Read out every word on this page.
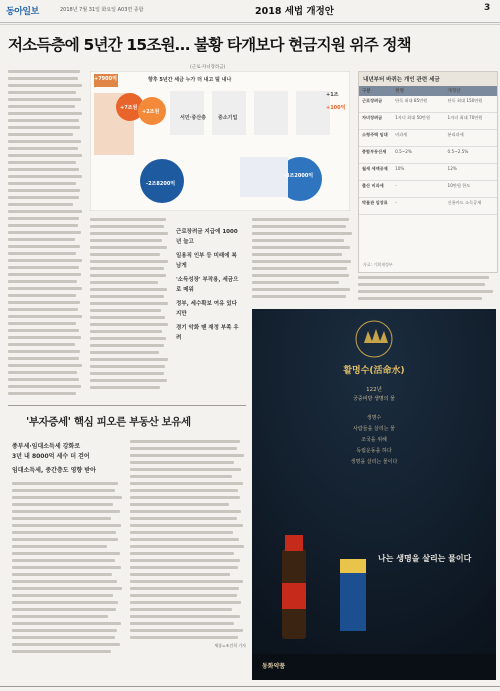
동아일보	2018년 7월 31일 화요일 A03면 종합	2018 세법 개정안	3
저소득층에 5년간 15조원… 불황 타개보다 현금지원 위주 정책
(근로·자녀장려금)
향후 5년간 세금 누가 더 내고 덜 내나
+7900억
+7조원
+2조원
중소기업
서민·중산층
-3조2000억
-2조8200억
+1조
+100억
내년부터 바뀌는 개인 관련 세금
구분	현행	개정안
근로장려금	단독 최대 85만원	단독 최대 150만원
자녀장려금	1자녀 최대 50만원	1자녀 최대 70만원
소형주택 임대	비과세	분리과세
종합부동산세	0.5~2%	0.5~2.5%
월세 세액공제	10%	12%
출산 비과세	-	10만원 한도
박물관 입장료	-	신용카드 소득공제
자료: 기획재정부
근로장려금 지급에 1000년 늘고
일용직 인부 등 미래에 복 남게
'소득성장' 부작용, 세금으로 메워
정부, 세수확보 여유 있다지만
경기 악화 땐 재정 부족 우려
'부자증세' 핵심 피오른 부동산 보유세
종부세·임대소득세 강화로
3년 내 8000억 세수 더 걷어
임대소득세, 중간층도 영향 받아
세종=조건희 기자
활명수(活命水)
122년
궁중비방 생명의 물
생명수
사람들을 살리는 물
조국을 위해
독립운동을 하다
생명을 살리는 물이다
나는 생명을 살리는 물이다
동화약품
